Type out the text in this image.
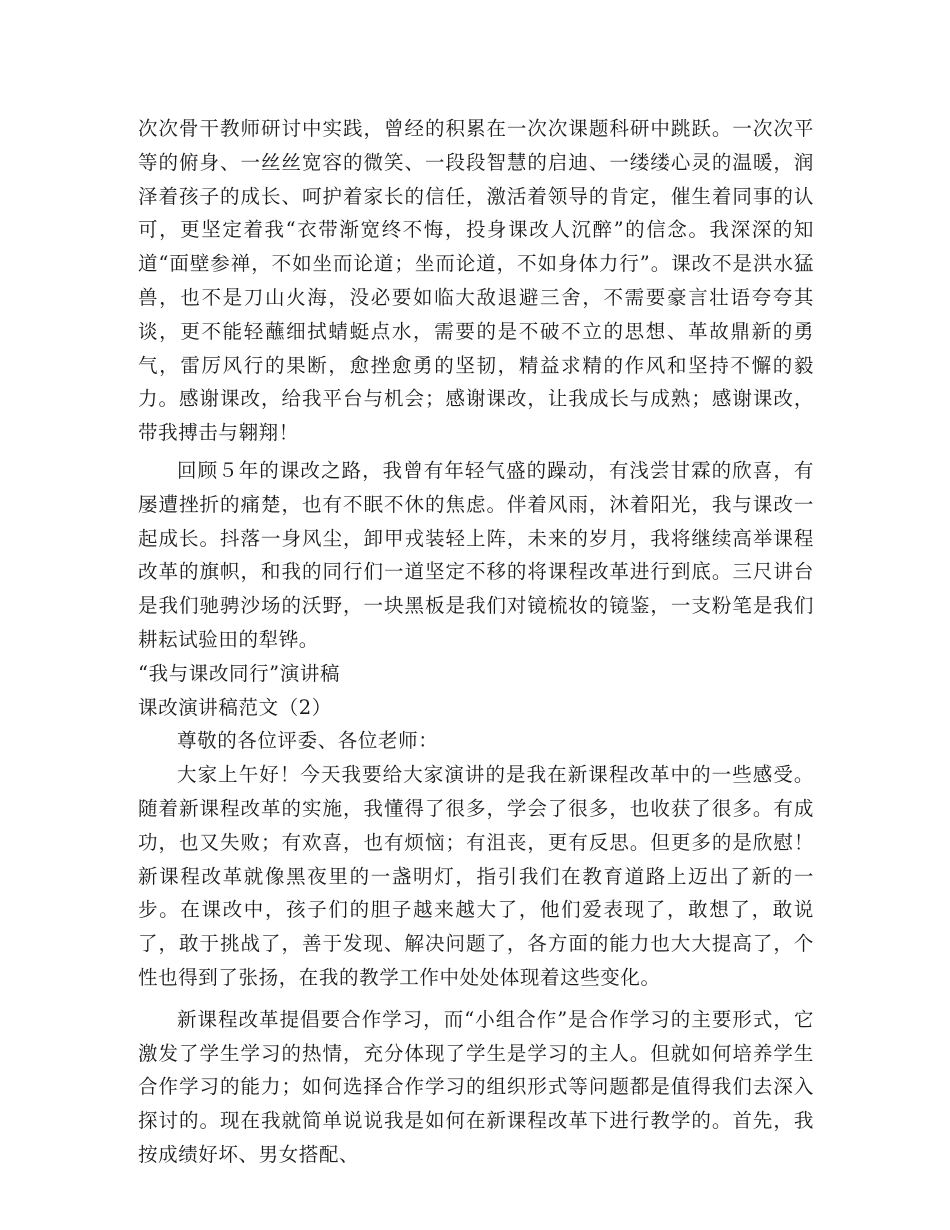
次次骨干教师研讨中实践，曾经的积累在一次次课题科研中跳跃。一次次平等的俯身、一丝丝宽容的微笑、一段段智慧的启迪、一缕缕心灵的温暖，润泽着孩子的成长、呵护着家长的信任，激活着领导的肯定，催生着同事的认可，更坚定着我“衣带渐宽终不悔，投身课改人沉醉”的信念。我深深的知道“面壁参禅，不如坐而论道；坐而论道，不如身体力行”。课改不是洪水猛兽，也不是刀山火海，没必要如临大敌退避三舍，不需要豪言壮语夸夸其谈，更不能轻蘸细拭蜻蜓点水，需要的是不破不立的思想、革故鼎新的勇气，雷厉风行的果断，愈挫愈勇的坚韧，精益求精的作风和坚持不懈的毅力。感谢课改，给我平台与机会；感谢课改，让我成长与成熟；感谢课改，带我搏击与翱翔！

回顾５年的课改之路，我曾有年轻气盛的躁动，有浅尝甘霖的欣喜，有屡遭挫折的痛楚，也有不眠不休的焦虑。伴着风雨，沐着阳光，我与课改一起成长。抖落一身风尘，卸甲戎装轻上阵，未来的岁月，我将继续高举课程改革的旗帜，和我的同行们一道坚定不移的将课程改革进行到底。三尺讲台是我们驰骋沙场的沃野，一块黑板是我们对镜梳妆的镜鉴，一支粉笔是我们耕耘试验田的犁铧。

“我与课改同行”演讲稿

课改演讲稿范文（2）

尊敬的各位评委、各位老师：

大家上午好！今天我要给大家演讲的是我在新课程改革中的一些感受。随着新课程改革的实施，我懂得了很多，学会了很多，也收获了很多。有成功，也又失败；有欢喜，也有烦恼；有沮丧，更有反思。但更多的是欣慰！新课程改革就像黑夜里的一盏明灯，指引我们在教育道路上迈出了新的一步。在课改中，孩子们的胆子越来越大了，他们爱表现了，敢想了，敢说了，敢于挑战了，善于发现、解决问题了，各方面的能力也大大提高了，个性也得到了张扬，在我的教学工作中处处体现着这些变化。

新课程改革提倡要合作学习，而“小组合作”是合作学习的主要形式，它激发了学生学习的热情，充分体现了学生是学习的主人。但就如何培养学生合作学习的能力；如何选择合作学习的组织形式等问题都是值得我们去深入探讨的。现在我就简单说说我是如何在新课程改革下进行教学的。首先，我按成绩好坏、男女搭配、
